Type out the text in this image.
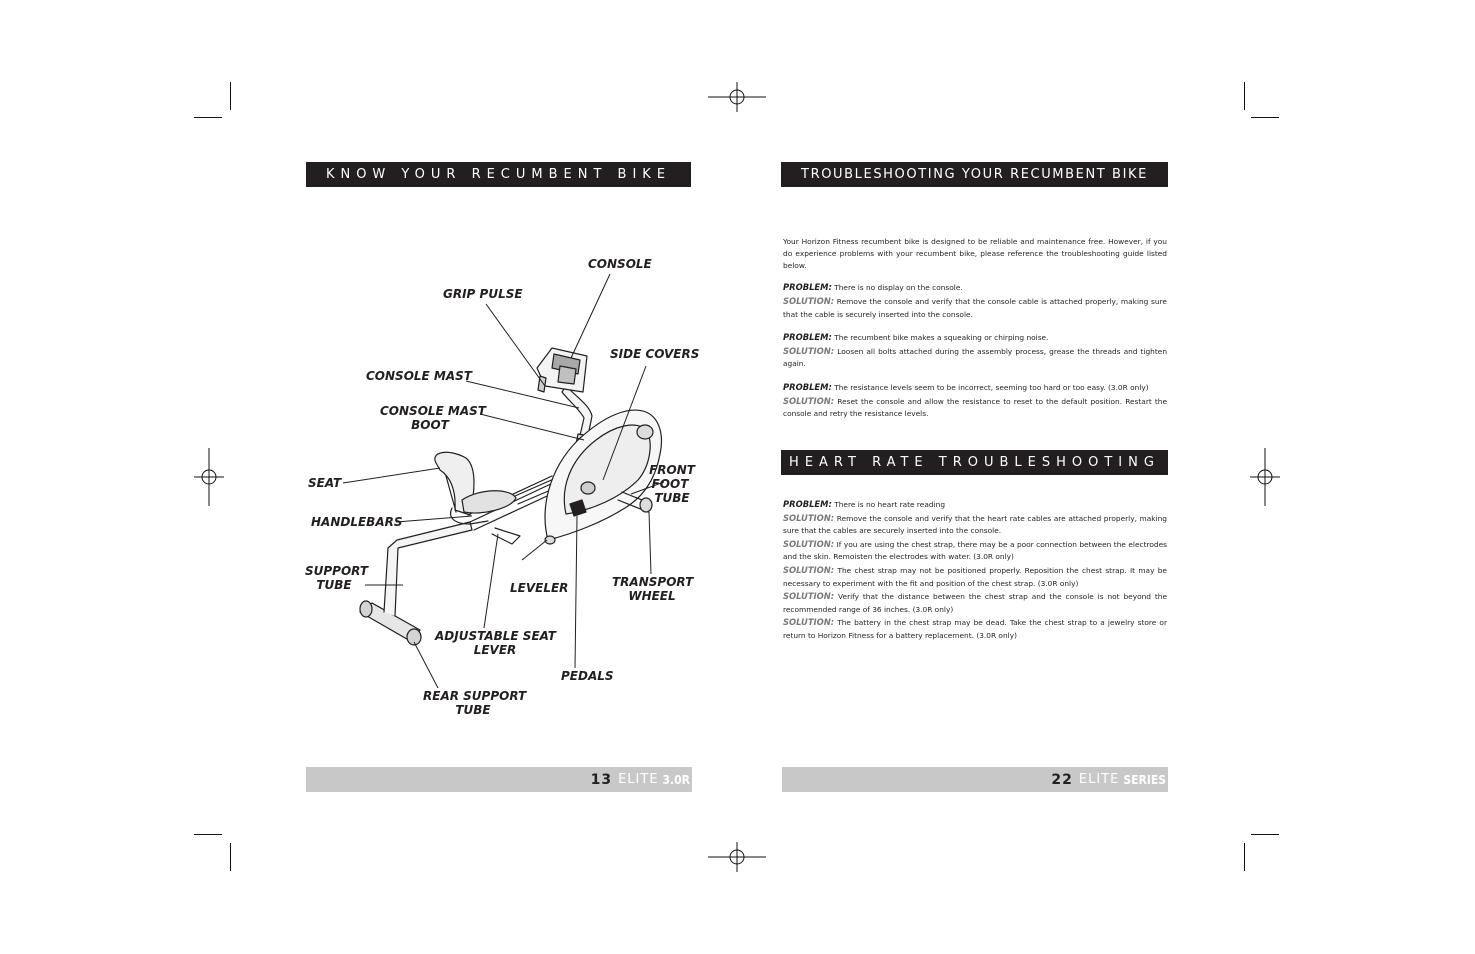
KNOW YOUR RECUMBENT BIKE
CONSOLE
GRIP PULSE
SIDE COVERS
CONSOLE MAST
CONSOLE MAST
BOOT
FRONT
FOOT
TUBE
SEAT
HANDLEBARS
SUPPORT
TUBE	LEVELER	TRANSPORT
WHEEL
ADJUSTABLE SEAT
LEVER
PEDALS
REAR SUPPORT
TUBE
13 ELITE 3.0R
TROUBLESHOOTING YOUR RECUMBENT BIKE

Your Horizon Fitness recumbent bike is designed to be reliable and maintenance free. However, if you do experience problems with your recumbent bike, please reference the troubleshooting guide listed below.

PROBLEM: There is no display on the console.

SOLUTION: Remove the console and verify that the console cable is attached properly, making sure that the cable is securely inserted into the console.

PROBLEM: The recumbent bike makes a squeaking or chirping noise.

SOLUTION: Loosen all bolts attached during the assembly process, grease the threads and tighten again.

PROBLEM: The resistance levels seem to be incorrect, seeming too hard or too easy. (3.0R only)

SOLUTION: Reset the console and allow the resistance to reset to the default position. Restart the console and retry the resistance levels.

HEART RATE TROUBLESHOOTING

PROBLEM: There is no heart rate reading

SOLUTION: Remove the console and verify that the heart rate cables are attached properly, making sure that the cables are securely inserted into the console.

SOLUTION: If you are using the chest strap, there may be a poor connection between the electrodes and the skin. Remoisten the electrodes with water. (3.0R only)

SOLUTION: The chest strap may not be positioned properly. Reposition the chest strap. It may be necessary to experiment with the fit and position of the chest strap. (3.0R only)

SOLUTION: Verify that the distance between the chest strap and the console is not beyond the recommended range of 36 inches. (3.0R only)

SOLUTION: The battery in the chest strap may be dead. Take the chest strap to a jewelry store or return to Horizon Fitness for a battery replacement. (3.0R only)

22 ELITE SERIES
